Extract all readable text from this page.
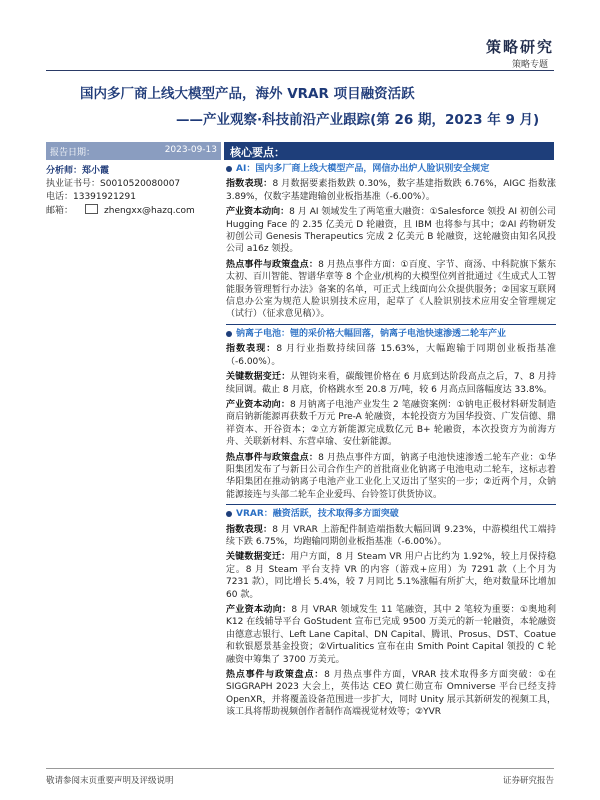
策略研究
策略专题
国内多厂商上线大模型产品，海外 VRAR 项目融资活跃
——产业观察·科技前沿产业跟踪(第 26 期，2023 年 9 月)
报告日期：	2023-09-13 核心要点：
分析师：郑小霞
执业证书号：S0010520080007
电话：13391921291
邮箱：	zhengxx@hazq.com
AI：国内多厂商上线大模型产品，网信办出炉人脸识别安全规定
指数表现：8 月数据要素指数跌 0.30%，数字基建指数跌 6.76%，AIGC 指数涨 3.89%，仅数字基建跑输创业板指基准（-6.00%）。
产业资本动向：8 月 AI 领域发生了两笔重大融资：①Salesforce 领投 AI 初创公司 Hugging Face 的 2.35 亿美元 D 轮融资，且 IBM 也将参与其中；②AI 药物研发初创公司 Genesis Therapeutics 完成 2 亿美元 B 轮融资，这轮融资由知名风投公司 a16z 领投。
热点事件与政策盘点：8 月热点事件方面：①百度、字节、商汤、中科院旗下紫东太初、百川智能、智谱华章等 8 个企业/机构的大模型位列首批通过《生成式人工智能服务管理暂行办法》备案的名单，可正式上线面向公众提供服务；②国家互联网信息办公室为规范人脸识别技术应用，起草了《人脸识别技术应用安全管理规定（试行）（征求意见稿）》。
钠离子电池：锂的采价格大幅回落，钠离子电池快速渗透二轮车产业
指数表现：8 月行业指数持续回落 15.63%，大幅跑输于同期创业板指基准（-6.00%）。
关键数据变迁：从锂钧来看，碳酸锂价格在 6 月底到达阶段高点之后，7、8 月持续回调。截止 8 月底，价格跳水至 20.8 万/吨，较 6 月高点回落幅度达 33.8%。
产业资本动向：8 月钠离子电池产业发生 2 笔融资案例：①钠电正极材料研发制造商启钠新能源再获数千万元 Pre-A 轮融资，本轮投资方为国华投资、广发信德、鼎祥资本、开谷资本；②立方新能源完成数亿元 B+ 轮融资，本次投资方为前海方舟、关联新材料、东营卓瑜、安仕新能源。
热点事件与政策盘点：8 月热点事件方面，钠离子电池快速渗透二轮车产业：①华阳集团发布了与新日公司合作生产的首批商业化钠离子电池电动二轮车，这标志着华阳集团在推动钠离子电池产业工业化上又迈出了坚实的一步；②近两个月，众钠能源接连与头部二轮车企业爱玛、台铃签订供货协议。
VRAR：融资活跃，技术取得多方面突破
指数表现：8 月 VRAR 上游配件制造端指数大幅回调 9.23%，中游模组代工端持续下跌 6.75%，均跑输同期创业板指基准（-6.00%）。
关键数据变迁：用户方面，8 月 Steam VR 用户占比约为 1.92%，较上月保持稳定。8 月 Steam 平台支持 VR 的内容（游戏+应用）为 7291 款（上个月为 7231 款），同比增长 5.4%，较 7 月同比 5.1%涨幅有所扩大，绝对数量环比增加 60 款。
产业资本动向：8 月 VRAR 领域发生 11 笔融资，其中 2 笔较为重要：①奥地利 K12 在线辅导平台 GoStudent 宣布已完成 9500 万美元的新一轮融资，本轮融资由德意志银行、Left Lane Capital、DN Capital、腾讯、Prosus、DST、Coatue 和软银愿景基金投资；②Virtualitics 宣布在由 Smith Point Capital 领投的 C 轮融资中筹集了 3700 万美元。
热点事件与政策盘点：8 月热点事件方面，VRAR 技术取得多方面突破：①在 SIGGRAPH 2023 大会上，英伟达 CEO 黄仁勋宣布 Omniverse 平台已经支持 OpenXR，并将覆盖设备范围进一步扩大，同时 Unity 展示其新研发的视频工具，该工具将帮助视频创作者制作高端视觉材效等；②YVR
敬请参阅末页重要声明及评级说明	证券研究报告
